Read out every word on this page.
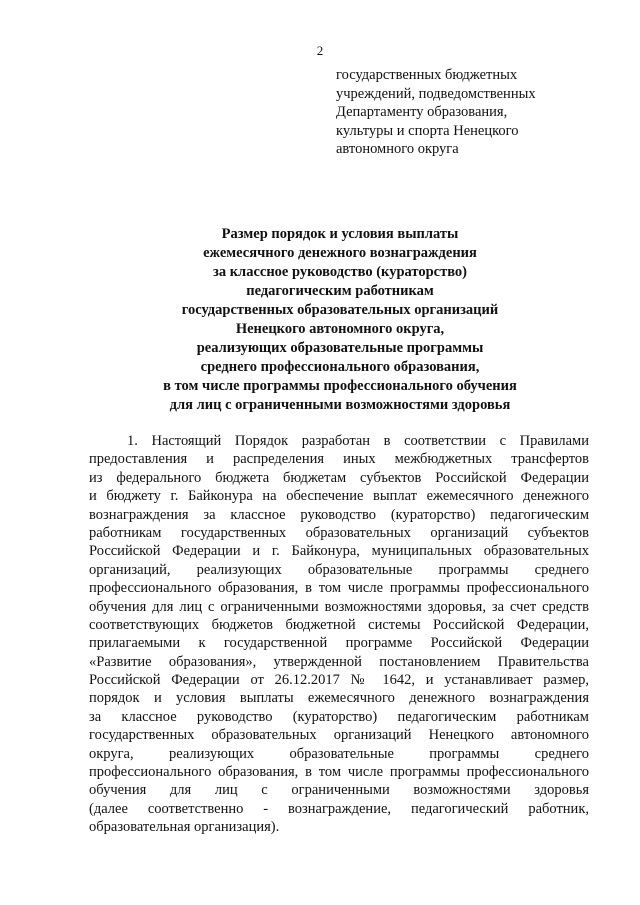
2
государственных бюджетных
учреждений, подведомственных
Департаменту образования,
культуры и спорта Ненецкого
автономного округа
Размер порядок и условия выплаты
ежемесячного денежного вознаграждения
за классное руководство (кураторство)
педагогическим работникам
государственных образовательных организаций
Ненецкого автономного округа,
реализующих образовательные программы
среднего профессионального образования,
в том числе программы профессионального обучения
для лиц с ограниченными возможностями здоровья
1. Настоящий Порядок разработан в соответствии с Правилами
предоставления и распределения иных межбюджетных трансфертов
из федерального бюджета бюджетам субъектов Российской Федерации
и бюджету г. Байконура на обеспечение выплат ежемесячного денежного
вознаграждения за классное руководство (кураторство) педагогическим
работникам государственных образовательных организаций субъектов
Российской Федерации и г. Байконура, муниципальных образовательных
организаций, реализующих образовательные программы среднего
профессионального образования, в том числе программы профессионального
обучения для лиц с ограниченными возможностями здоровья, за счет средств
соответствующих бюджетов бюджетной системы Российской Федерации,
прилагаемыми к государственной программе Российской Федерации
«Развитие образования», утвержденной постановлением Правительства
Российской Федерации от 26.12.2017 № 1642, и устанавливает размер,
порядок и условия выплаты ежемесячного денежного вознаграждения
за классное руководство (кураторство) педагогическим работникам
государственных образовательных организаций Ненецкого автономного
округа, реализующих образовательные программы среднего
профессионального образования, в том числе программы профессионального
обучения для лиц с ограниченными возможностями здоровья
(далее соответственно - вознаграждение, педагогический работник,
образовательная организация).
